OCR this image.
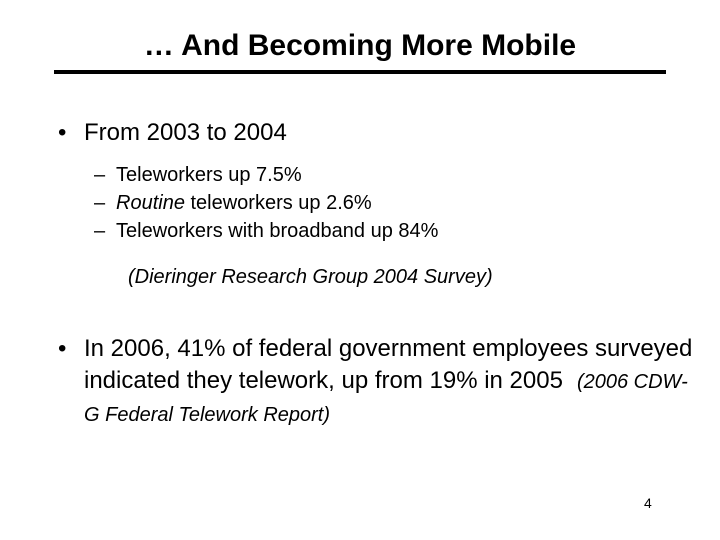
… And Becoming More Mobile
• From 2003 to 2004
– Teleworkers up 7.5%
– Routine teleworkers up 2.6%
– Teleworkers with broadband up 84%
(Dieringer Research Group 2004 Survey)
• In 2006, 41% of federal government employees surveyed indicated they telework, up from 19% in 2005 (2006 CDW-G Federal Telework Report)
4
